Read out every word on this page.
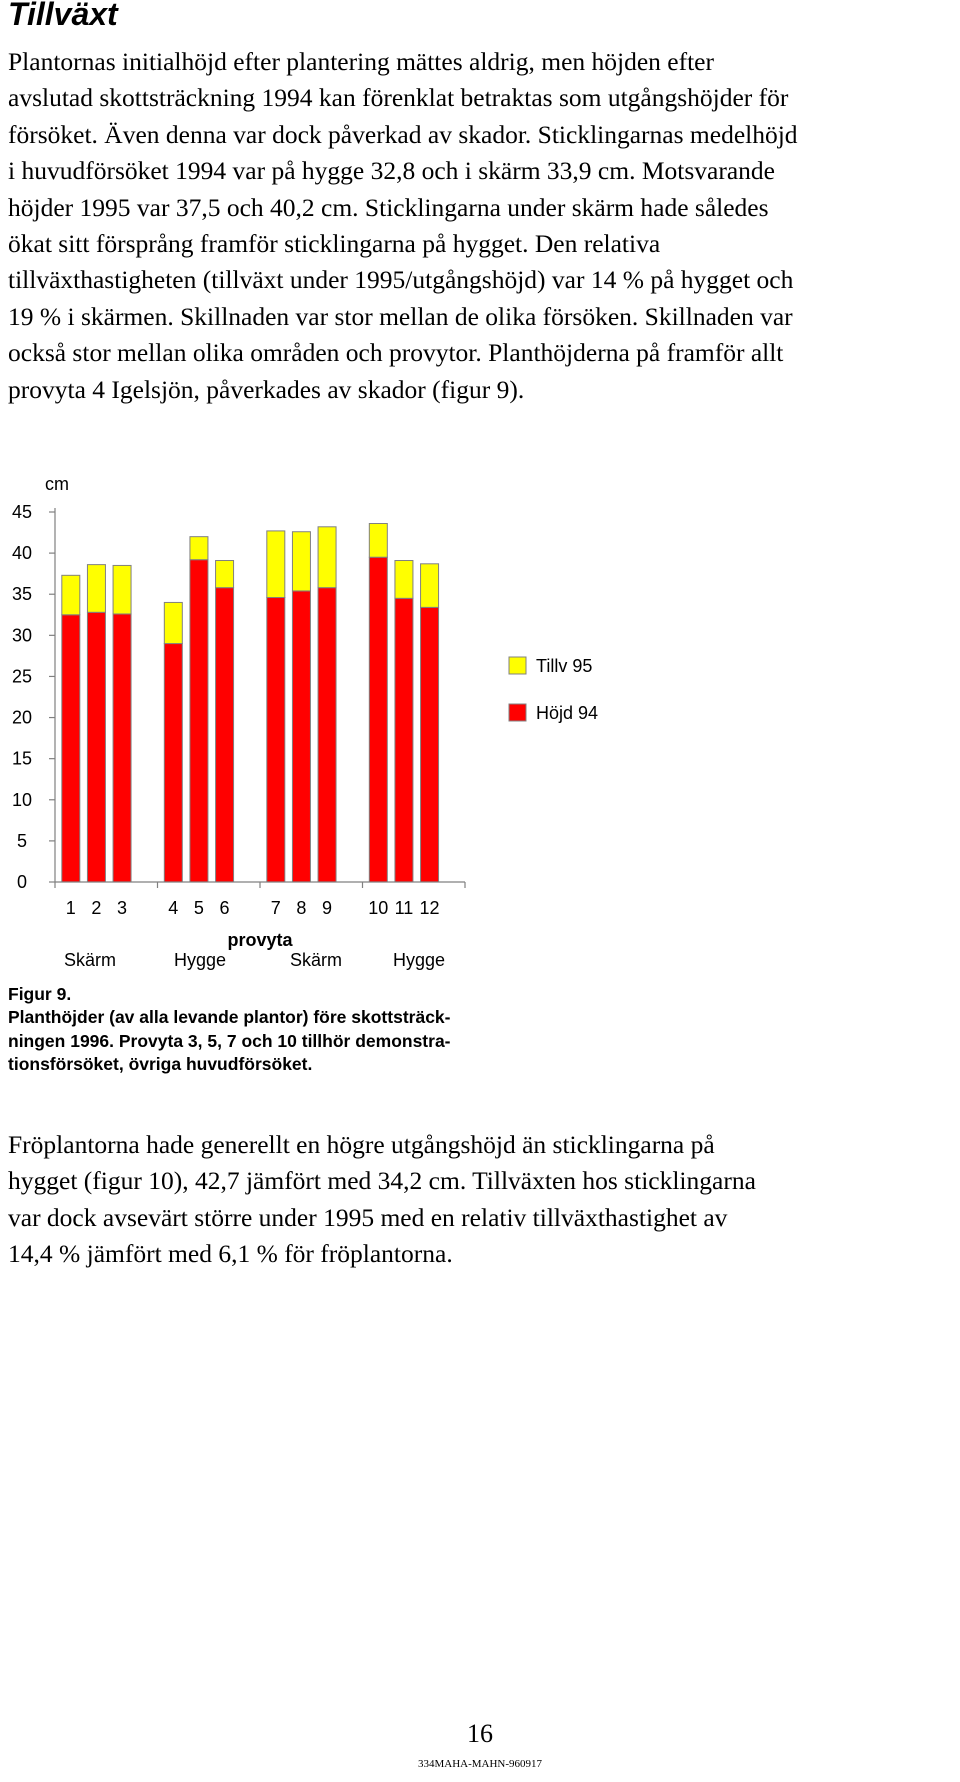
Tillväxt
Plantornas initialhöjd efter plantering mättes aldrig, men höjden efter
avslutad skottsträckning 1994 kan förenklat betraktas som utgångshöjder för
försöket. Även denna var dock påverkad av skador. Sticklingarnas medelhöjd
i huvudförsöket 1994 var på hygge 32,8 och i skärm 33,9 cm. Motsvarande
höjder 1995 var 37,5 och 40,2 cm. Sticklingarna under skärm hade således
ökat sitt försprång framför sticklingarna på hygget. Den relativa
tillväxthastigheten (tillväxt under 1995/utgångshöjd) var 14 % på hygget och
19 % i skärmen. Skillnaden var stor mellan de olika försöken. Skillnaden var
också stor mellan olika områden och provytor. Planthöjderna på framför allt
provyta 4 Igelsjön, påverkades av skador (figur 9).
cm
0
5
10
15
20
25
30
35
40
45
1 2 3 4 5 6 7 8 9 10 11 12
provyta
Skärm	Hygge	Skärm	Hygge
Tillv 95
Höjd 94
Figur 9.
Planthöjder (av alla levande plantor) före skottsträck-
ningen 1996. Provyta 3, 5, 7 och 10 tillhör demonstra-
tionsförsöket, övriga huvudförsöket.
Fröplantorna hade generellt en högre utgångshöjd än sticklingarna på
hygget (figur 10), 42,7 jämfört med 34,2 cm. Tillväxten hos sticklingarna
var dock avsevärt större under 1995 med en relativ tillväxthastighet av
14,4 % jämfört med 6,1 % för fröplantorna.
16
334MAHA-MAHN-960917
